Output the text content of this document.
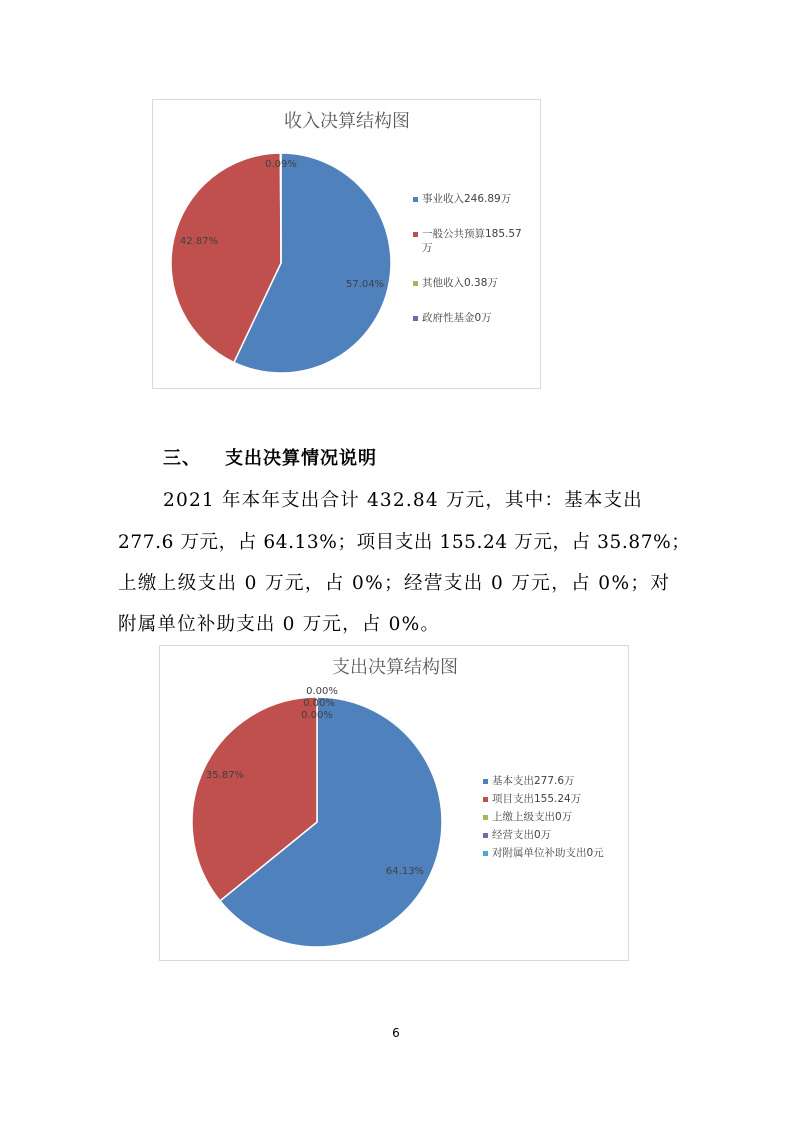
收入决算结构图
57.04%
42.87%
0.09%
事业收入246.89万
一般公共预算185.57
万
其他收入0.38万
政府性基金0万
三、 支出决算情况说明
2021 年本年支出合计 432.84 万元，其中：基本支出
277.6 万元，占 64.13%；项目支出 155.24 万元，占 35.87%；
上缴上级支出 0 万元，占 0%；经营支出 0 万元，占 0%；对
附属单位补助支出 0 万元，占 0%。
支出决算结构图
64.13%
35.87%
0.00%
0.00%
0.00%
基本支出277.6万
项目支出155.24万
上缴上级支出0万
经营支出0万
对附属单位补助支出0元
6
